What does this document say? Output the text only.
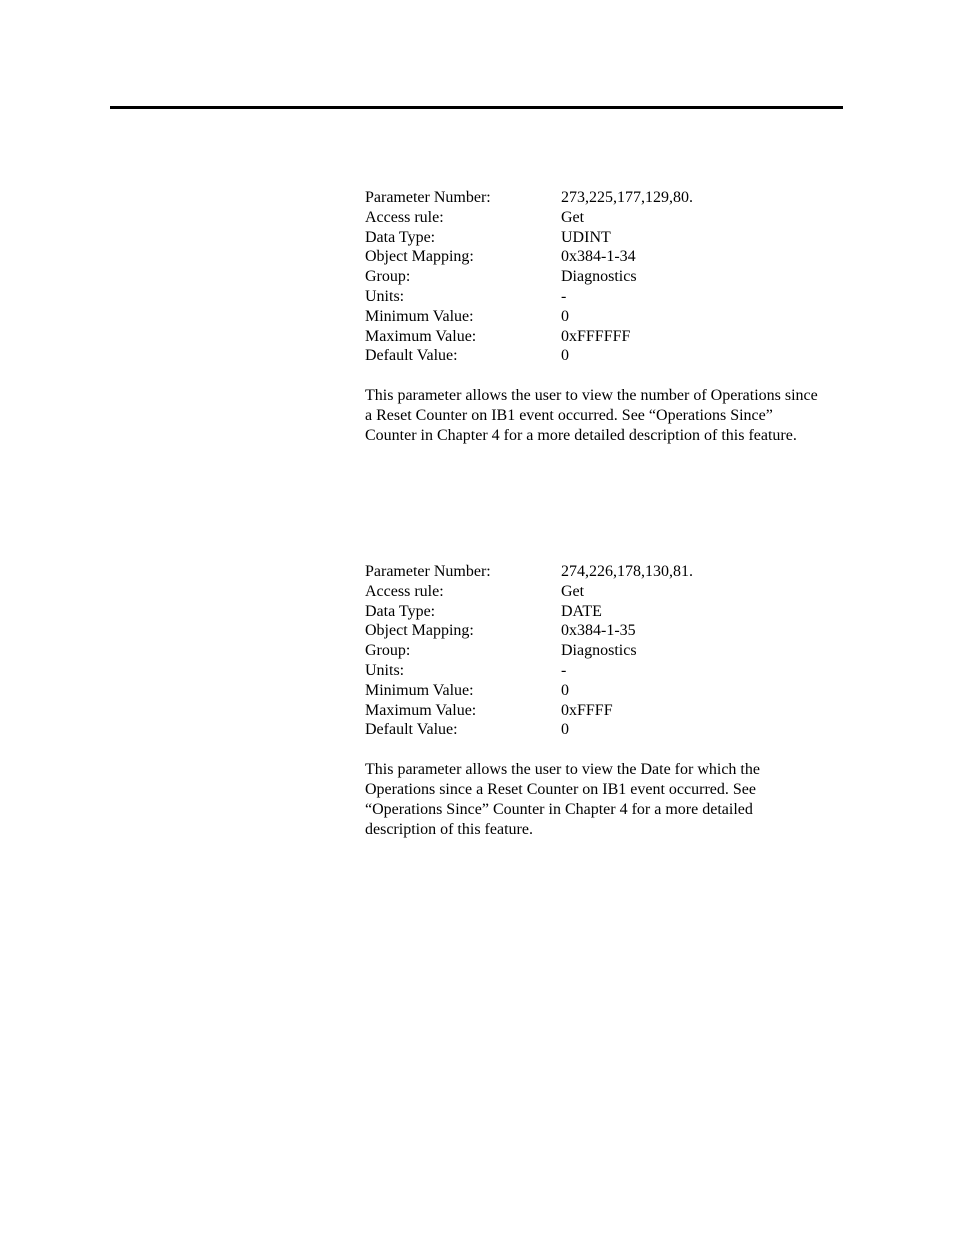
Parameter Number:	273,225,177,129,80.
Access rule:	Get
Data Type:	UDINT
Object Mapping:	0x384-1-34
Group:	Diagnostics
Units:	-
Minimum Value:	0
Maximum Value:	0xFFFFFF
Default Value:	0

This parameter allows the user to view the number of Operations since a Reset Counter on IB1 event occurred. See “Operations Since” Counter in Chapter 4 for a more detailed description of this feature.

Parameter Number:	274,226,178,130,81.
Access rule:	Get
Data Type:	DATE
Object Mapping:	0x384-1-35
Group:	Diagnostics
Units:	-
Minimum Value:	0
Maximum Value:	0xFFFF
Default Value:	0

This parameter allows the user to view the Date for which the Operations since a Reset Counter on IB1 event occurred. See “Operations Since” Counter in Chapter 4 for a more detailed description of this feature.
